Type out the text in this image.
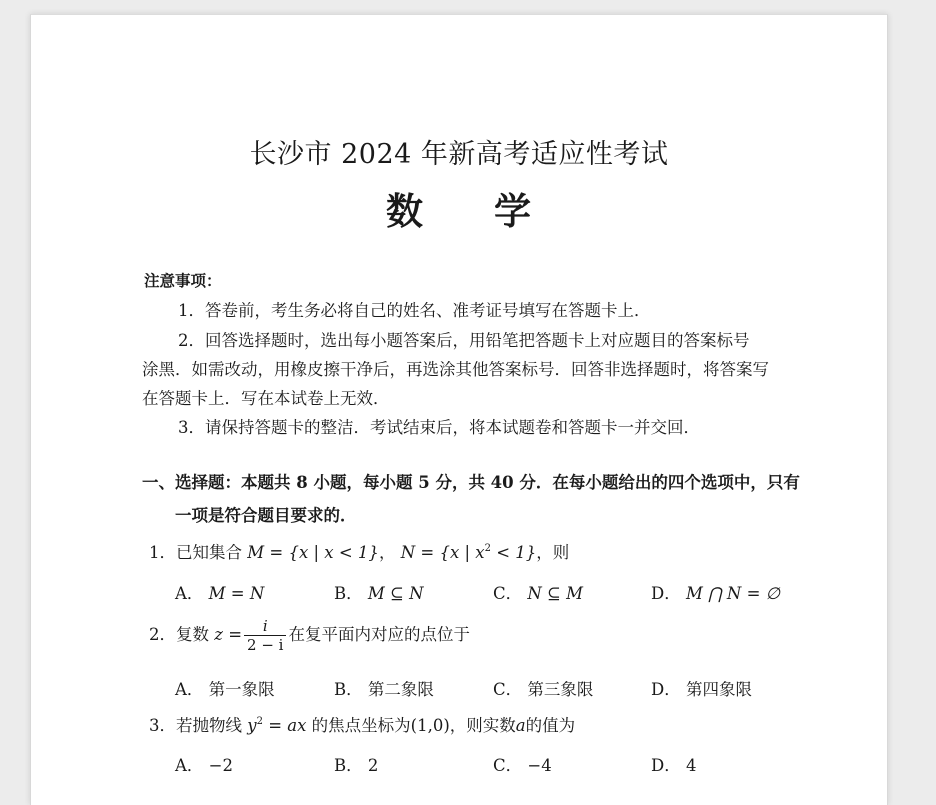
长沙市 2024 年新高考适应性考试
数 学
注意事项：
1．答卷前，考生务必将自己的姓名、准考证号填写在答题卡上．
2．回答选择题时，选出每小题答案后，用铅笔把答题卡上对应题目的答案标号
涂黑．如需改动，用橡皮擦干净后，再选涂其他答案标号．回答非选择题时，将答案写
在答题卡上．写在本试卷上无效．
3．请保持答题卡的整洁．考试结束后，将本试题卷和答题卡一并交回．
一、选择题：本题共 8 小题，每小题 5 分，共 40 分．在每小题给出的四个选项中，只有
一项是符合题目要求的．
1．已知集合 M = {x | x < 1}， N = {x | $x^2 < 1$}，则
A． M = N	B． M ⊆ N	C． N ⊆ M	D． M ⋂ N = ∅
2．复数 $z = \frac{i}{2 - i}$ 在复平面内对应的点位于
A． 第一象限	B． 第二象限	C． 第三象限	D． 第四象限
3．若抛物线 $y^2$ = ax 的焦点坐标为(1,0)，则实数a的值为
A． −2	B． 2	C． −4	D． 4
